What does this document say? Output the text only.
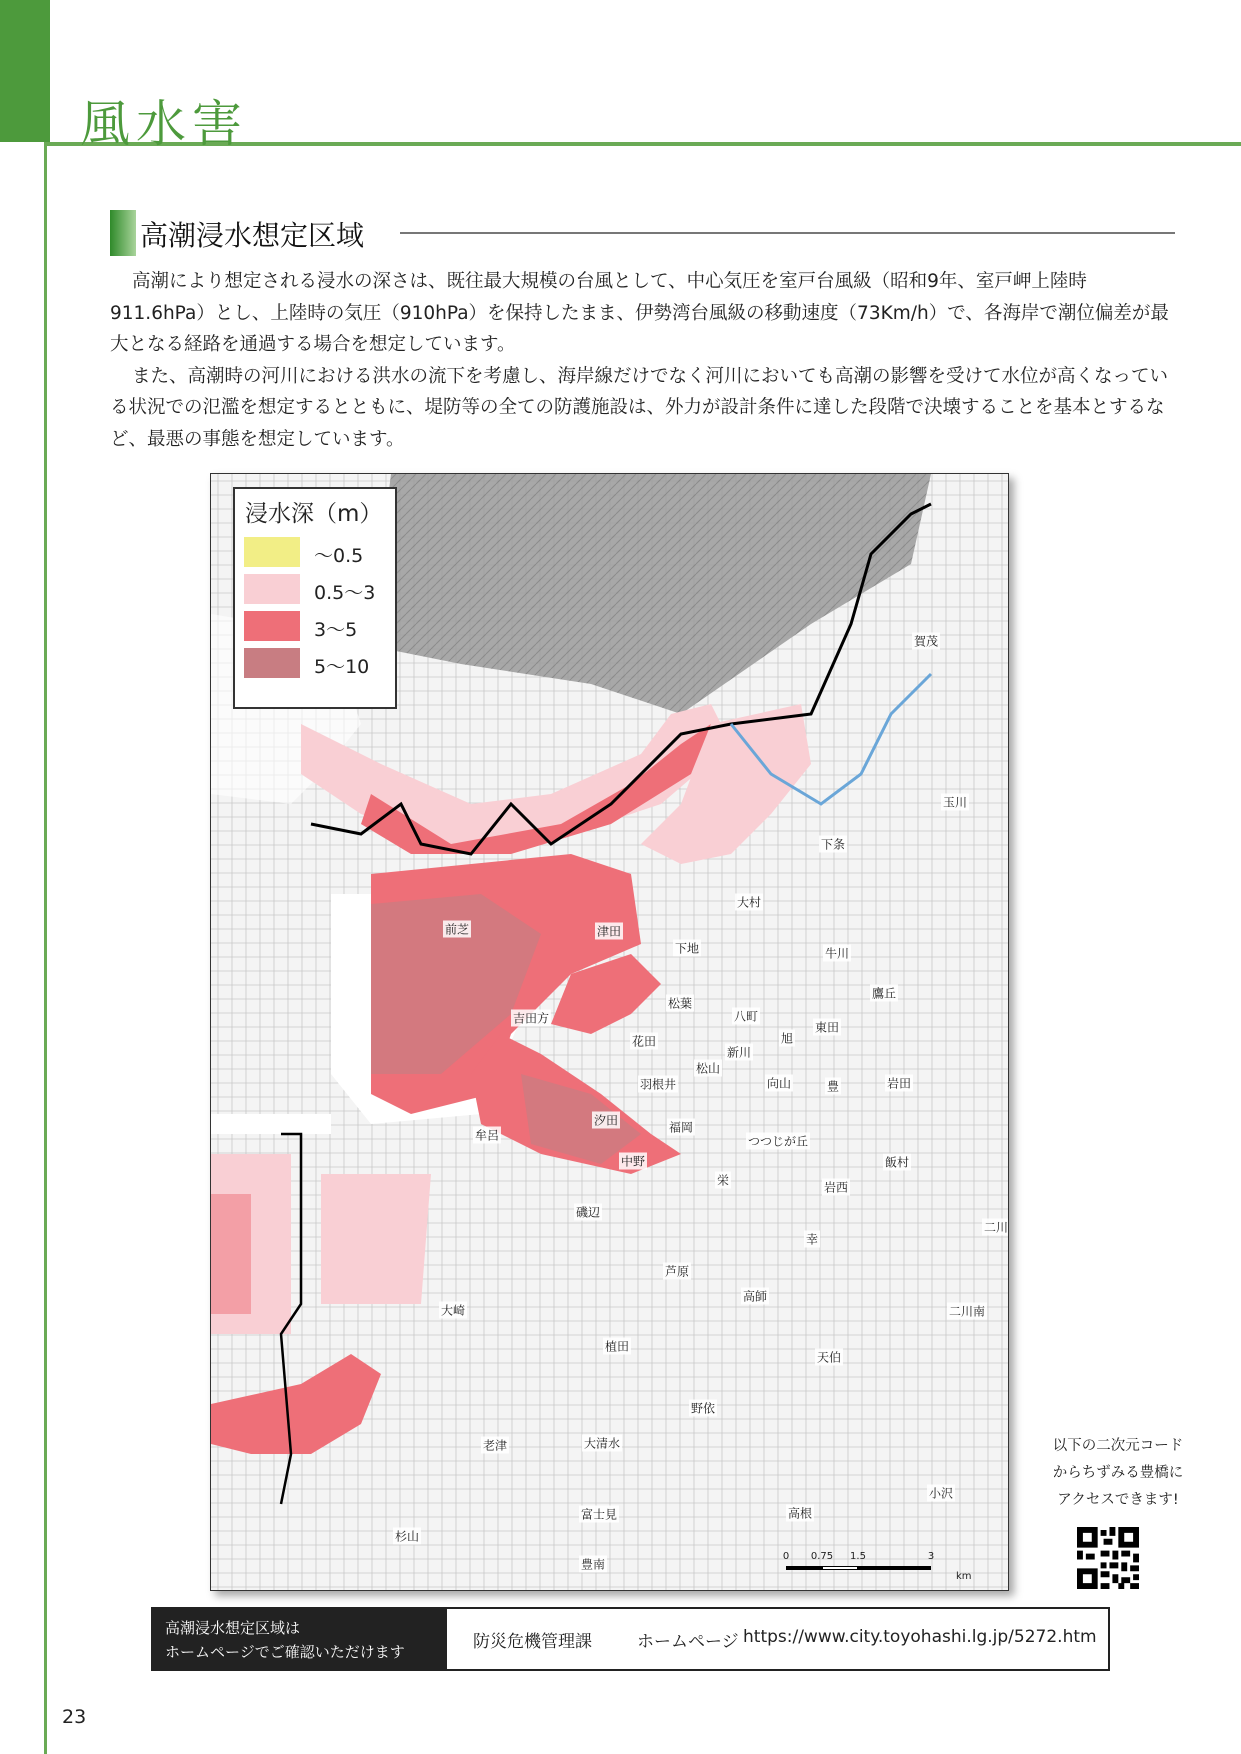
風水害
高潮浸水想定区域

高潮により想定される浸水の深さは、既往最大規模の台風として、中心気圧を室戸台風級（昭和9年、室戸岬上陸時911.6hPa）とし、上陸時の気圧（910hPa）を保持したまま、伊勢湾台風級の移動速度（73Km/h）で、各海岸で潮位偏差が最大となる経路を通過する場合を想定しています。

また、高潮時の河川における洪水の流下を考慮し、海岸線だけでなく河川においても高潮の影響を受けて水位が高くなっている状況での氾濫を想定するとともに、堤防等の全ての防護施設は、外力が設計条件に達した段階で決壊することを基本とするなど、最悪の事態を想定しています。

浸水深（m）
～0.5
0.5～3
3～5
5～10
賀茂
玉川
下条
大村
牛川
前芝	津田
下地
鷹丘
松葉
吉田方	八町
東田
花田	旭
新川
松山
羽根井	向山	豊	岩田
汐田	福岡
牟呂	つつじが丘
飯村
中野
栄	岩西
磯辺
二川
幸
芦原
高師
大崎	二川南
植田
天伯
野依
老津	大清水
小沢
富士見	高根
杉山
豊南
0 0.75 1.5	3
km
以下の二次元コード
からちずみる豊橋に
アクセスできます!
高潮浸水想定区域は
ホームページでご確認いただけます	防災危機管理課	ホームページ https://www.city.toyohashi.lg.jp/5272.htm
23
